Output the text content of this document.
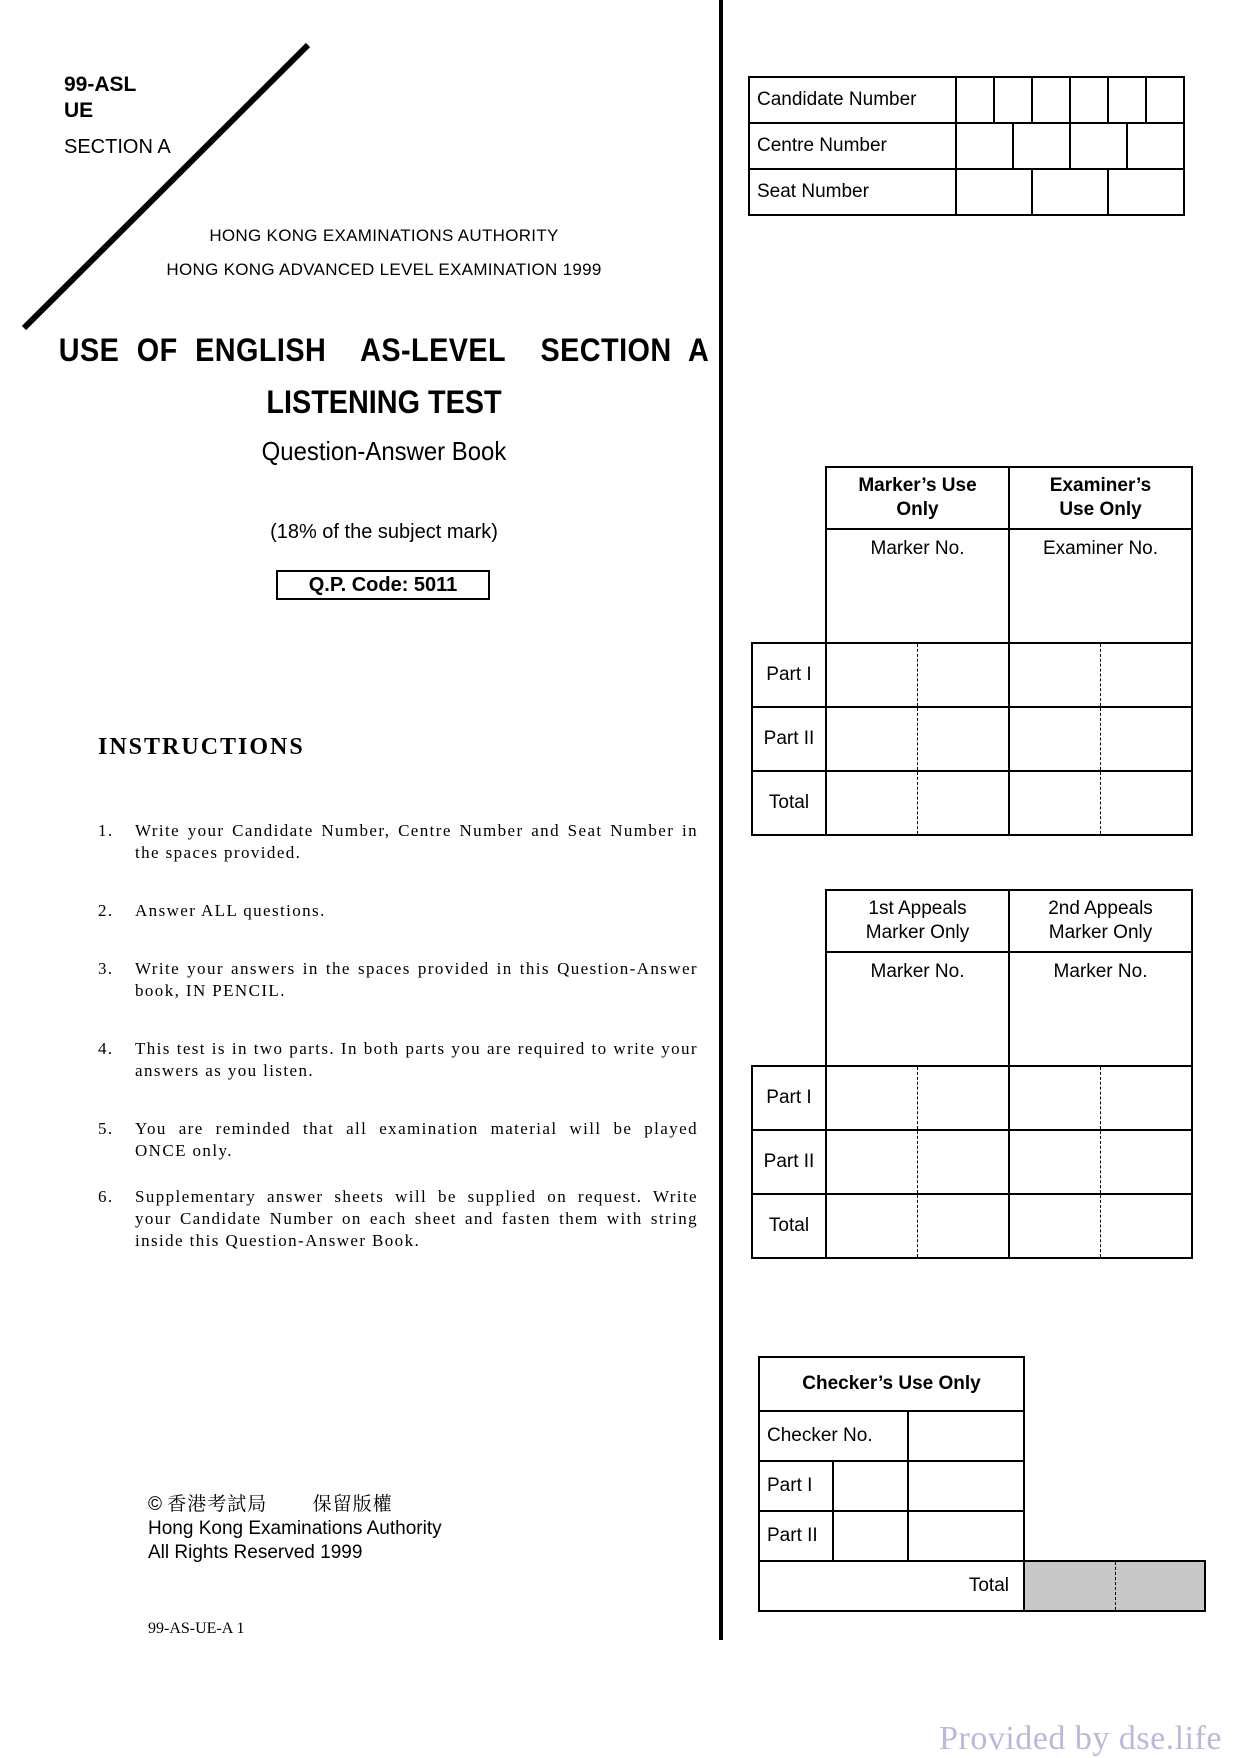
99-ASL
UE
SECTION A
HONG KONG EXAMINATIONS AUTHORITY
HONG KONG ADVANCED LEVEL EXAMINATION 1999
USE OF ENGLISH  AS-LEVEL  SECTION A
LISTENING TEST
Question-Answer Book
(18% of the subject mark)
Q.P. Code: 5011
INSTRUCTIONS
1.	Write your Candidate Number, Centre Number and Seat Number in the spaces provided.
2.	Answer ALL questions.
3.	Write your answers in the spaces provided in this Question-Answer book, IN PENCIL.
4.	This test is in two parts. In both parts you are required to write your answers as you listen.
5.	You are reminded that all examination material will be played ONCE only.
6.	Supplementary answer sheets will be supplied on request. Write your Candidate Number on each sheet and fasten them with string inside this Question-Answer Book.
© 香港考試局 保留版權
Hong Kong Examinations Authority
All Rights Reserved 1999
99-AS-UE-A 1
Candidate Number						
Centre Number						

Seat Number						
	Marker’s Use Only		Examiner’s Use Only	
	Marker No.		Examiner No.	
Part I				
Part II				
Total				
	1st Appeals Marker Only		2nd Appeals Marker Only	
	Marker No.		Marker No.	
Part I				
Part II				
Total				
Checker’s Use Only				
Checker No.				
Part I				
Part II				
Total				
Provided by dse.life
